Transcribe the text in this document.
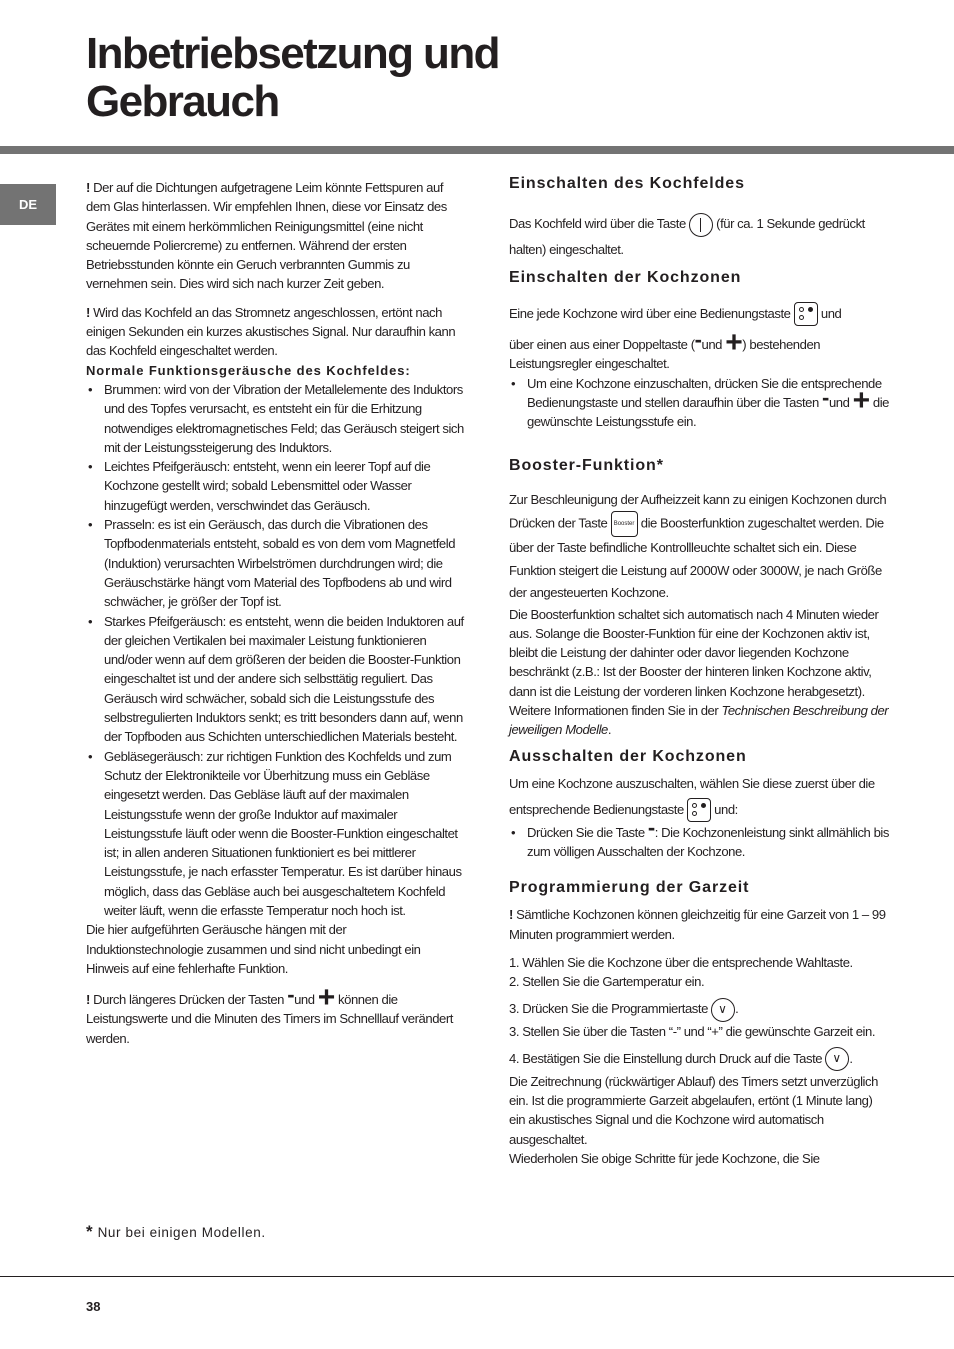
Inbetriebsetzung und
Gebrauch
DE

! Der auf die Dichtungen aufgetragene Leim könnte Fettspuren auf dem Glas hinterlassen. Wir empfehlen Ihnen, diese vor Einsatz des Gerätes mit einem herkömmlichen Reinigungsmittel (eine nicht scheuernde Poliercreme) zu entfernen. Während der ersten Betriebsstunden könnte ein Geruch verbrannten Gummis zu vernehmen sein. Dies wird sich nach kurzer Zeit geben.

! Wird das Kochfeld an das Stromnetz angeschlossen, ertönt nach einigen Sekunden ein kurzes akustisches Signal. Nur daraufhin kann das Kochfeld eingeschaltet werden.

Normale Funktionsgeräusche des Kochfeldes:

• Brummen: wird von der Vibration der Metallelemente des Induktors und des Topfes verursacht, es entsteht ein für die Erhitzung notwendiges elektromagnetisches Feld; das Geräusch steigert sich mit der Leistungssteigerung des Induktors.
• Leichtes Pfeifgeräusch: entsteht, wenn ein leerer Topf auf die Kochzone gestellt wird; sobald Lebensmittel oder Wasser hinzugefügt werden, verschwindet das Geräusch.
• Prasseln: es ist ein Geräusch, das durch die Vibrationen des Topfbodenmaterials entsteht, sobald es von dem vom Magnetfeld (Induktion) verursachten Wirbelströmen durchdrungen wird; die Geräuschstärke hängt vom Material des Topfbodens ab und wird schwächer, je größer der Topf ist.
• Starkes Pfeifgeräusch: es entsteht, wenn die beiden Induktoren auf der gleichen Vertikalen bei maximaler Leistung funktionieren und/oder wenn auf dem größeren der beiden die Booster-Funktion eingeschaltet ist und der andere sich selbsttätig reguliert. Das Geräusch wird schwächer, sobald sich die Leistungsstufe des selbstregulierten Induktors senkt; es tritt besonders dann auf, wenn der Topfboden aus Schichten unterschiedlichen Materials besteht.
• Gebläsegeräusch: zur richtigen Funktion des Kochfelds und zum Schutz der Elektronikteile vor Überhitzung muss ein Gebläse eingesetzt werden. Das Gebläse läuft auf der maximalen Leistungsstufe wenn der große Induktor auf maximaler Leistungsstufe läuft oder wenn die Booster-Funktion eingeschaltet ist; in allen anderen Situationen funktioniert es bei mittlerer Leistungsstufe, je nach erfasster Temperatur. Es ist darüber hinaus möglich, dass das Gebläse auch bei ausgeschaltetem Kochfeld weiter läuft, wenn die erfasste Temperatur noch hoch ist.

Die hier aufgeführten Geräusche hängen mit der Induktionstechnologie zusammen und sind nicht unbedingt ein Hinweis auf eine fehlerhafte Funktion.

! Durch längeres Drücken der Tasten -und + können die Leistungswerte und die Minuten des Timers im Schnelllauf verändert werden.

Einschalten des Kochfeldes

Das Kochfeld wird über die Taste
(für ca. 1 Sekunde gedrückt halten) eingeschaltet.

Einschalten der Kochzonen

Eine jede Kochzone wird über eine Bedienungstaste
und

über einen aus einer Doppeltaste (-und +) bestehenden Leistungsregler eingeschaltet.

• Um eine Kochzone einzuschalten, drücken Sie die entsprechende Bedienungstaste und stellen daraufhin über die Tasten -und + die gewünschte Leistungsstufe ein.
Booster-Funktion*

Zur Beschleunigung der Aufheizzeit kann zu einigen Kochzonen durch Drücken der Taste Booster die Boosterfunktion zugeschaltet werden. Die über der Taste befindliche Kontrollleuchte schaltet sich ein. Diese Funktion steigert die Leistung auf 2000W oder 3000W, je nach Größe der angesteuerten Kochzone.

Die Boosterfunktion schaltet sich automatisch nach 4 Minuten wieder aus. Solange die Booster-Funktion für eine der Kochzonen aktiv ist, bleibt die Leistung der dahinter oder davor liegenden Kochzone beschränkt (z.B.: Ist der Booster der hinteren linken Kochzone aktiv, dann ist die Leistung der vorderen linken Kochzone herabgesetzt). Weitere Informationen finden Sie in der Technischen Beschreibung der jeweiligen Modelle.

Ausschalten der Kochzonen

Um eine Kochzone auszuschalten, wählen Sie diese zuerst über die entsprechende Bedienungstaste
und:

• Drücken Sie die Taste -: Die Kochzonenleistung sinkt allmählich bis zum völligen Ausschalten der Kochzone.
Programmierung der Garzeit

! Sämtliche Kochzonen können gleichzeitig für eine Garzeit von 1 – 99 Minuten programmiert werden.

1. Wählen Sie die Kochzone über die entsprechende Wahltaste.

2. Stellen Sie die Gartemperatur ein.

3. Drücken Sie die Programmiertaste ∨ .

3. Stellen Sie über die Tasten “-” und “+” die gewünschte Garzeit ein.

4. Bestätigen Sie die Einstellung durch Druck auf die Taste ∨ .

Die Zeitrechnung (rückwärtiger Ablauf) des Timers setzt unverzüglich ein. Ist die programmierte Garzeit abgelaufen, ertönt (1 Minute lang) ein akustisches Signal und die Kochzone wird automatisch ausgeschaltet.

Wiederholen Sie obige Schritte für jede Kochzone, die Sie

* Nur bei einigen Modellen.
38
